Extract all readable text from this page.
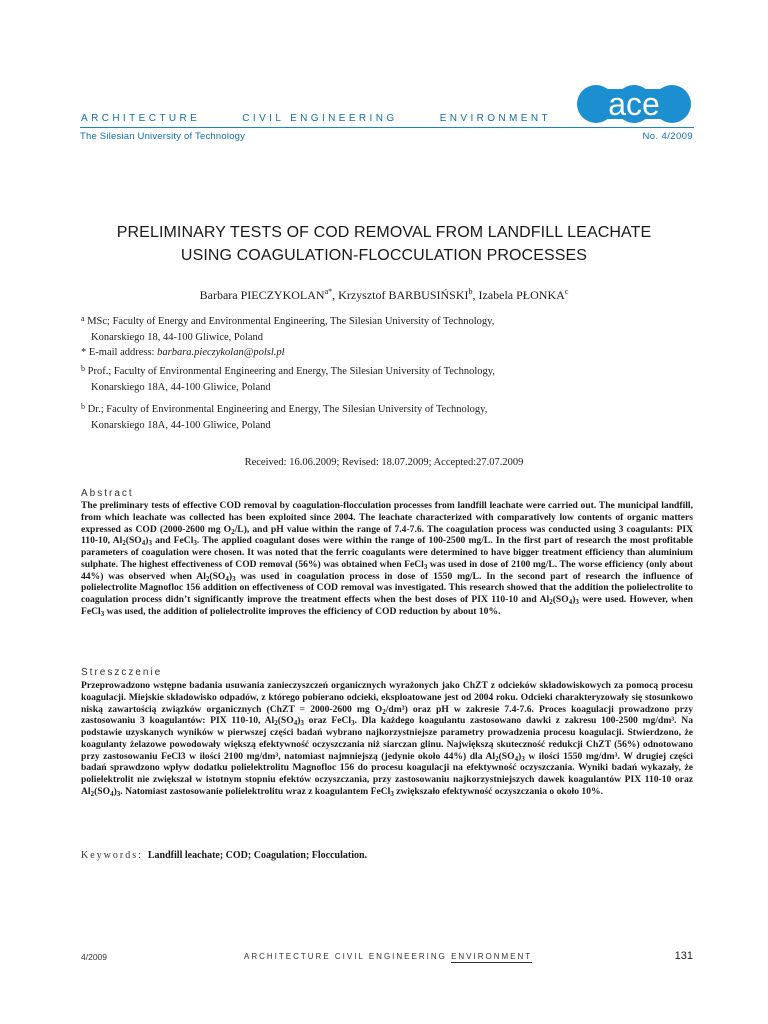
ARCHITECTURE	CIVIL ENGINEERING	ENVIRONMENT
The Silesian University of Technology	No. 4/2009
ace
PRELIMINARY TESTS OF COD REMOVAL FROM LANDFILL LEACHATE
USING COAGULATION-FLOCCULATION PROCESSES
Barbara $PIECZYKOLAN^{a*}$, Krzysztof BARBUSIŃSKI$^b$, Izabela PŁONKA$^c$
$^a$ MSc; Faculty of Energy and Environmental Engineering, The Silesian University of Technology,
Konarskiego 18, 44-100 Gliwice, Poland
* E-mail address: barbara.pieczykolan@polsl.pl
$^b$ Prof.; Faculty of Environmental Engineering and Energy, The Silesian University of Technology,
Konarskiego 18A, 44-100 Gliwice, Poland
$^b$ Dr.; Faculty of Environmental Engineering and Energy, The Silesian University of Technology,
Konarskiego 18A, 44-100 Gliwice, Poland
Received: 16.06.2009; Revised: 18.07.2009; Accepted:27.07.2009
Abstract

The preliminary tests of effective COD removal by coagulation-flocculation processes from landfill leachate were carried out. The municipal landfill, from which leachate was collected has been exploited since 2004. The leachate characterized with comparatively low contents of organic matters expressed as COD (2000-2600 mg $O_2/L$), and pH value within the range of 7.4-7.6. The coagulation process was conducted using 3 coagulants: PIX 110-10, $Al_2(SO_4)_3$ and FeCl$_3$. The applied coagulant doses were within the range of 100-2500 mg/L. In the first part of research the most profitable parameters of coagulation were chosen. It was noted that the ferric coagulants were determined to have bigger treatment efficiency than aluminium sulphate. The highest effectiveness of COD removal (56%) was obtained when FeCl$_3$ was used in dose of 2100 mg/L. The worse efficiency (only about 44%) was observed when $Al_2(SO_4)_3$ was used in coagulation process in dose of 1550 mg/L. In the second part of research the influence of polielectrolite Magnofloc 156 addition on effectiveness of COD removal was investigated. This research showed that the addition the polielectrolite to coagulation process didn’t significantly improve the treatment effects when the best doses of PIX 110-10 and $Al_2(SO_4)_3$ were used. However, when FeCl$_3$ was used, the addition of polielectrolite improves the efficiency of COD reduction by about 10%.

Streszczenie

Przeprowadzono wstępne badania usuwania zanieczyszczeń organicznych wyrażonych jako ChZT z odcieków składowiskowych za pomocą procesu koagulacji. Miejskie składowisko odpadów, z którego pobierano odcieki, eksploatowane jest od 2004 roku. Odcieki charakteryzowały się stosunkowo niską zawartością związków organicznych (ChZT = 2000-2600 mg $O_2/dm^3$) oraz pH w zakresie 7.4-7.6. Proces koagulacji prowadzono przy zastosowaniu 3 koagulantów: PIX 110-10, $Al_2(SO_4)_3$ oraz FeCl$_3$. Dla każdego koagulantu zastosowano dawki z zakresu 100-2500 mg/dm³. Na podstawie uzyskanych wyników w pierwszej części badań wybrano najkorzystniejsze parametry prowadzenia procesu koagulacji. Stwierdzono, że koagulanty żelazowe powodowały większą efektywność oczyszczania niż siarczan glinu. Największą skuteczność redukcji ChZT (56%) odnotowano przy zastosowaniu FeCl3 w ilości 2100 mg/dm³, natomiast najmniejszą (jedynie około 44%) dla $Al_2(SO_4)_3$ w ilości 1550 mg/dm³. W drugiej części badań sprawdzono wpływ dodatku polielektrolitu Magnofloc 156 do procesu koagulacji na efektywność oczyszczania. Wyniki badań wykazały, że polielektrolit nie zwiększał w istotnym stopniu efektów oczyszczania, przy zastosowaniu najkorzystniejszych dawek koagulantów PIX 110-10 oraz $Al_2(SO_4)_3$. Natomiast zastosowanie polielektrolitu wraz z koagulantem FeCl$_3$ zwiększało efektywność oczyszczania o około 10%.

Keywords: Landfill leachate; COD; Coagulation; Flocculation.
4/2009	ARCHITECTURE CIVIL ENGINEERING ENVIRONMENT	131
